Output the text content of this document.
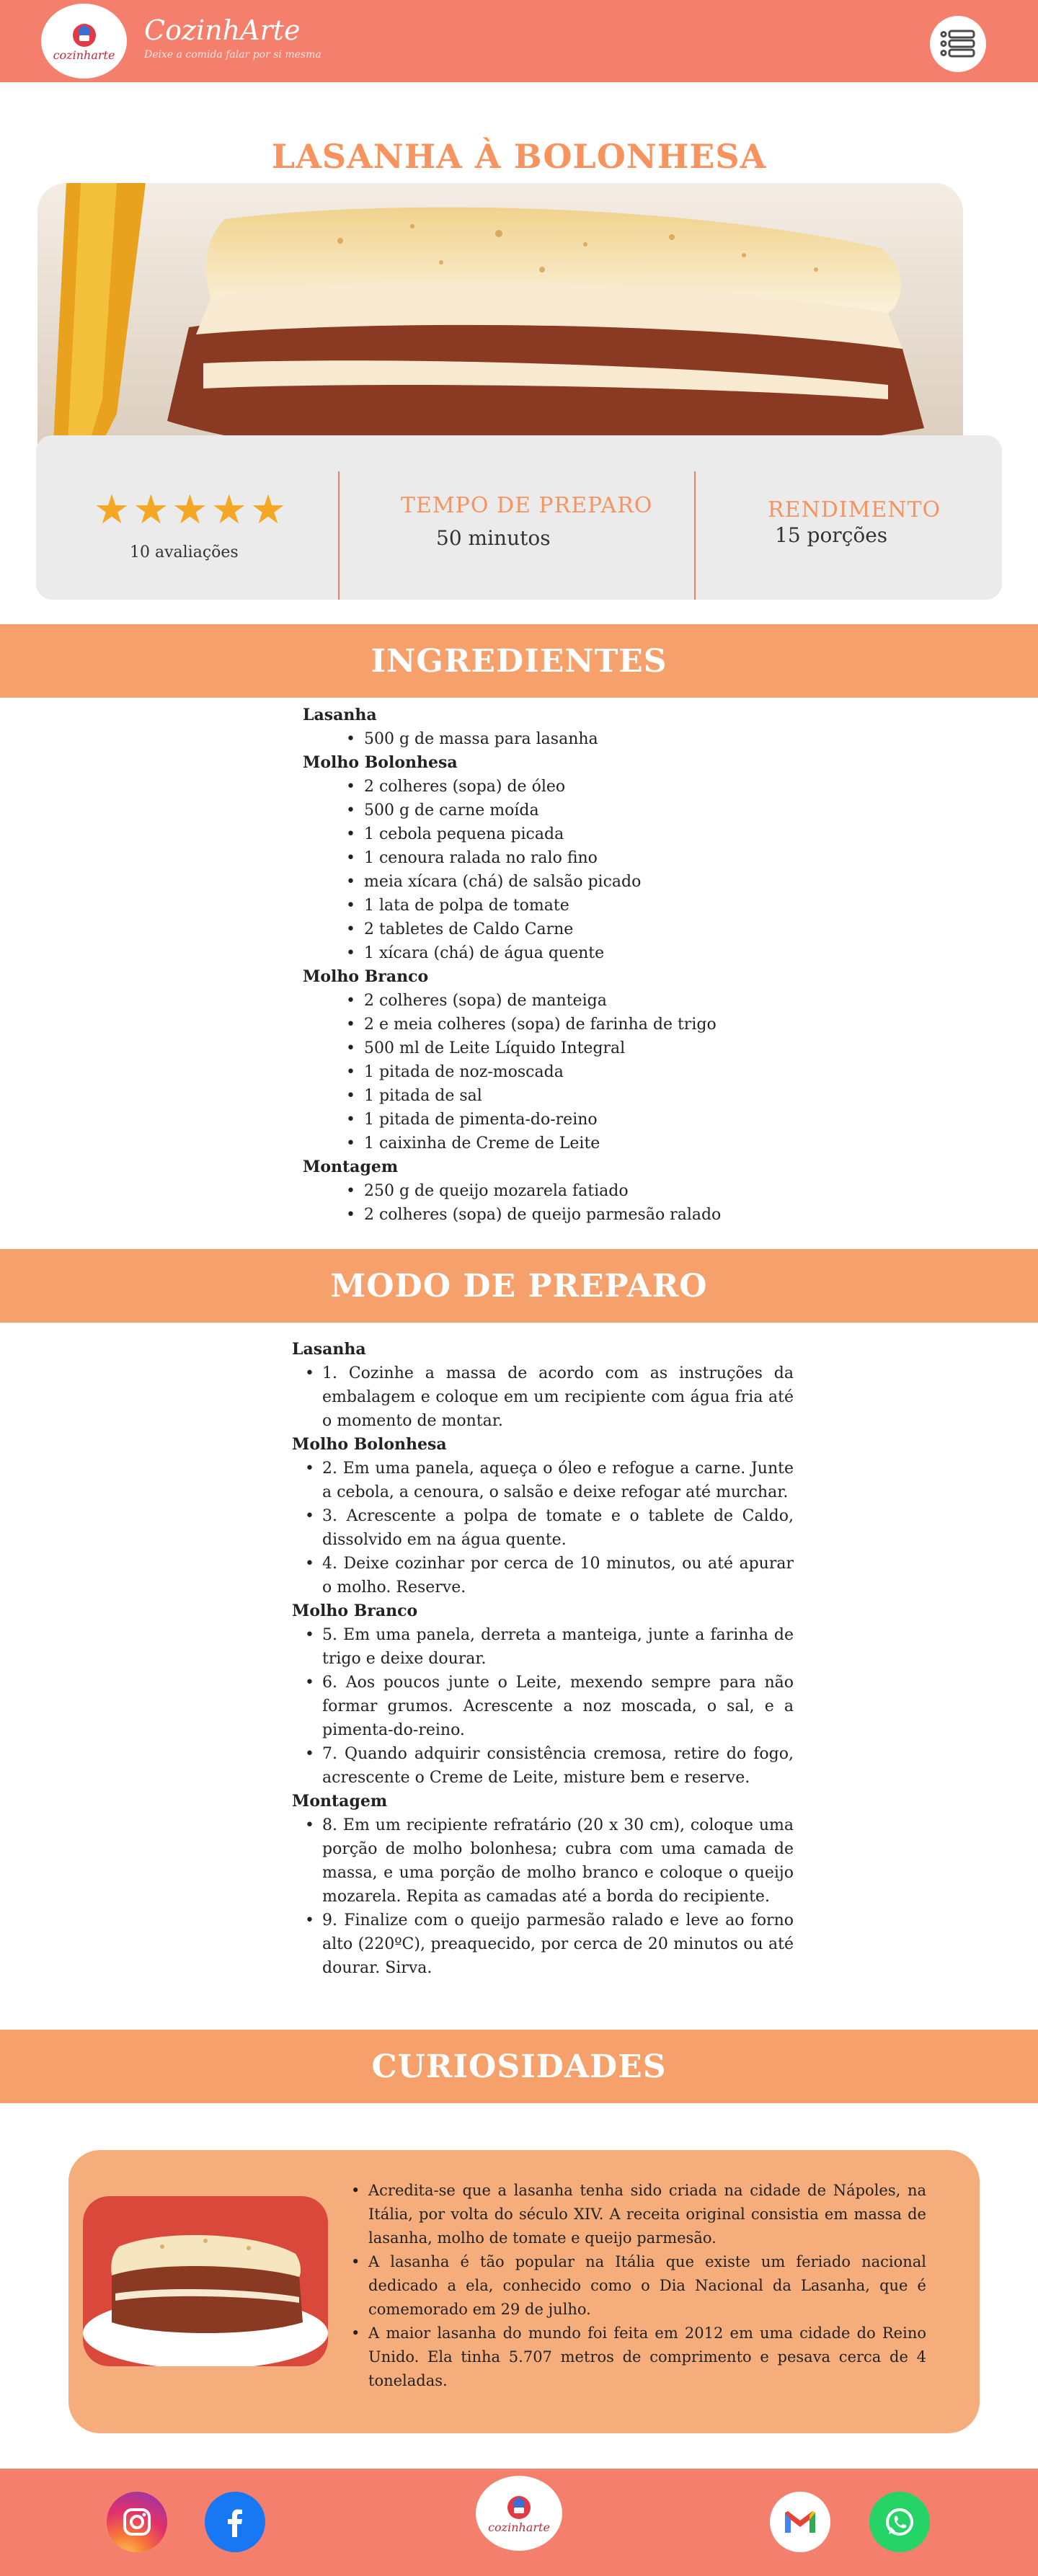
cozinharte
CozinhArte
Deixe a comida falar por si mesma
LASANHA À BOLONHESA
★ ★ ★ ★ ★
10 avaliações
TEMPO DE PREPARO
50 minutos
RENDIMENTO
15 porções
INGREDIENTES
Lasanha
• 500 g de massa para lasanha
Molho Bolonhesa
• 2 colheres (sopa) de óleo
• 500 g de carne moída
• 1 cebola pequena picada
• 1 cenoura ralada no ralo fino
• meia xícara (chá) de salsão picado
• 1 lata de polpa de tomate
• 2 tabletes de Caldo Carne
• 1 xícara (chá) de água quente
Molho Branco
• 2 colheres (sopa) de manteiga
• 2 e meia colheres (sopa) de farinha de trigo
• 500 ml de Leite Líquido Integral
• 1 pitada de noz-moscada
• 1 pitada de sal
• 1 pitada de pimenta-do-reino
• 1 caixinha de Creme de Leite
Montagem
• 250 g de queijo mozarela fatiado
• 2 colheres (sopa) de queijo parmesão ralado
MODO DE PREPARO
Lasanha
• 1. Cozinhe a massa de acordo com as instruções da embalagem e coloque em um recipiente com água fria até o momento de montar.
Molho Bolonhesa
• 2. Em uma panela, aqueça o óleo e refogue a carne. Junte a cebola, a cenoura, o salsão e deixe refogar até murchar.
• 3. Acrescente a polpa de tomate e o tablete de Caldo, dissolvido em na água quente.
• 4. Deixe cozinhar por cerca de 10 minutos, ou até apurar o molho. Reserve.
Molho Branco
• 5. Em uma panela, derreta a manteiga, junte a farinha de trigo e deixe dourar.
• 6. Aos poucos junte o Leite, mexendo sempre para não formar grumos. Acrescente a noz moscada, o sal, e a pimenta-do-reino.
• 7. Quando adquirir consistência cremosa, retire do fogo, acrescente o Creme de Leite, misture bem e reserve.
Montagem
• 8. Em um recipiente refratário (20 x 30 cm), coloque uma porção de molho bolonhesa; cubra com uma camada de massa, e uma porção de molho branco e coloque o queijo mozarela. Repita as camadas até a borda do recipiente.
• 9. Finalize com o queijo parmesão ralado e leve ao forno alto (220ºC), preaquecido, por cerca de 20 minutos ou até dourar. Sirva.
CURIOSIDADES
• Acredita-se que a lasanha tenha sido criada na cidade de Nápoles, na Itália, por volta do século XIV. A receita original consistia em massa de lasanha, molho de tomate e queijo parmesão.
• A lasanha é tão popular na Itália que existe um feriado nacional dedicado a ela, conhecido como o Dia Nacional da Lasanha, que é comemorado em 29 de julho.
• A maior lasanha do mundo foi feita em 2012 em uma cidade do Reino Unido. Ela tinha 5.707 metros de comprimento e pesava cerca de 4 toneladas.
cozinharte
